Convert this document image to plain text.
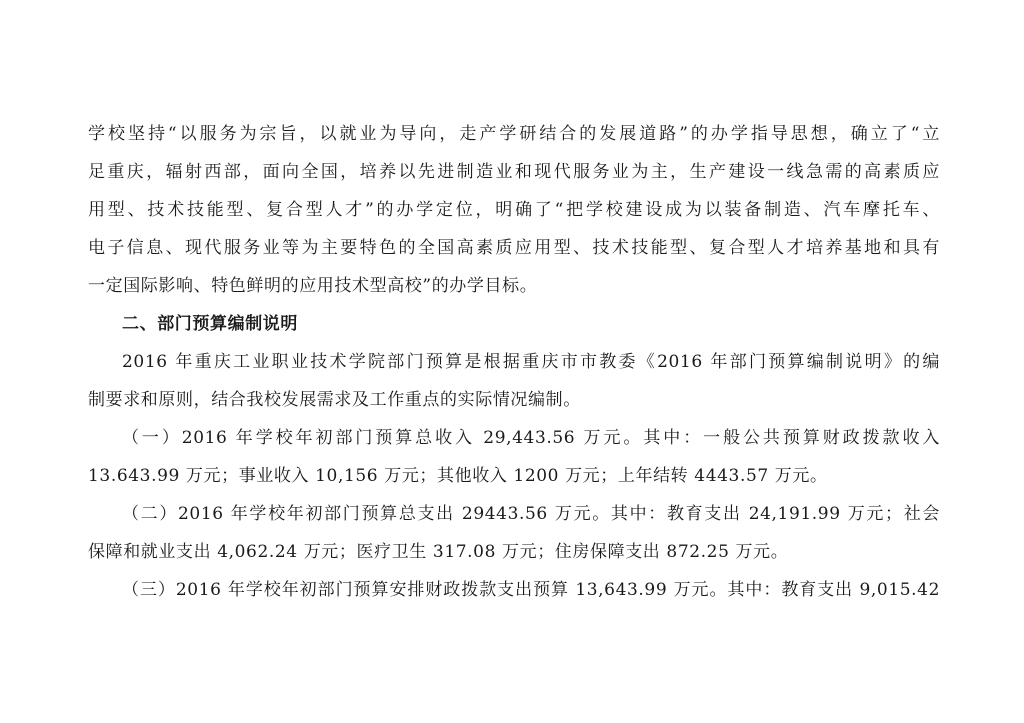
学校坚持“以服务为宗旨，以就业为导向，走产学研结合的发展道路”的办学指导思想，确立了“立
足重庆，辐射西部，面向全国，培养以先进制造业和现代服务业为主，生产建设一线急需的高素质应
用型、技术技能型、复合型人才”的办学定位，明确了“把学校建设成为以装备制造、汽车摩托车、
电子信息、现代服务业等为主要特色的全国高素质应用型、技术技能型、复合型人才培养基地和具有
一定国际影响、特色鲜明的应用技术型高校”的办学目标。
二、部门预算编制说明
2016 年重庆工业职业技术学院部门预算是根据重庆市市教委《2016 年部门预算编制说明》的编
制要求和原则，结合我校发展需求及工作重点的实际情况编制。
（一）2016 年学校年初部门预算总收入 29,443.56 万元。其中：一般公共预算财政拨款收入
13.643.99 万元；事业收入 10,156 万元；其他收入 1200 万元；上年结转 4443.57 万元。
（二）2016 年学校年初部门预算总支出 29443.56 万元。其中：教育支出 24,191.99 万元；社会
保障和就业支出 4,062.24 万元；医疗卫生 317.08 万元；住房保障支出 872.25 万元。
（三）2016 年学校年初部门预算安排财政拨款支出预算 13,643.99 万元。其中：教育支出 9,015.42
